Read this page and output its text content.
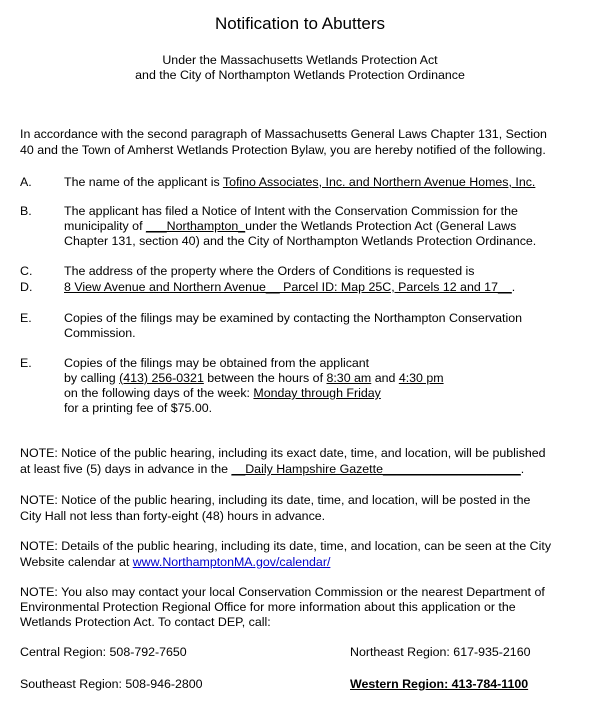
Notification to Abutters
Under the Massachusetts Wetlands Protection Act
and the City of Northampton Wetlands Protection Ordinance
In accordance with the second paragraph of Massachusetts General Laws Chapter 131, Section
40 and the Town of Amherst Wetlands Protection Bylaw, you are hereby notified of the following.
A.	The name of the applicant is Tofino Associates, Inc. and Northern Avenue Homes, Inc.
B.	The applicant has filed a Notice of Intent with the Conservation Commission for the
municipality of ___Northampton_under the Wetlands Protection Act (General Laws
Chapter 131, section 40) and the City of Northampton Wetlands Protection Ordinance.
C.	The address of the property where the Orders of Conditions is requested is
D.	8 View Avenue and Northern Avenue__ Parcel ID: Map 25C, Parcels 12 and 17__.
E.	Copies of the filings may be examined by contacting the Northampton Conservation
Commission.
E.	Copies of the filings may be obtained from the applicant
by calling (413) 256-0321 between the hours of 8:30 am and 4:30 pm
on the following days of the week: Monday through Friday
for a printing fee of $75.00.
NOTE: Notice of the public hearing, including its exact date, time, and location, will be published
at least five (5) days in advance in the __Daily Hampshire Gazette____________________.
NOTE: Notice of the public hearing, including its date, time, and location, will be posted in the
City Hall not less than forty-eight (48) hours in advance.
NOTE: Details of the public hearing, including its date, time, and location, can be seen at the City
Website calendar at www.NorthamptonMA.gov/calendar/
NOTE: You also may contact your local Conservation Commission or the nearest Department of
Environmental Protection Regional Office for more information about this application or the
Wetlands Protection Act. To contact DEP, call:
Central Region: 508-792-7650	Northeast Region: 617-935-2160
Southeast Region: 508-946-2800	Western Region: 413-784-1100
